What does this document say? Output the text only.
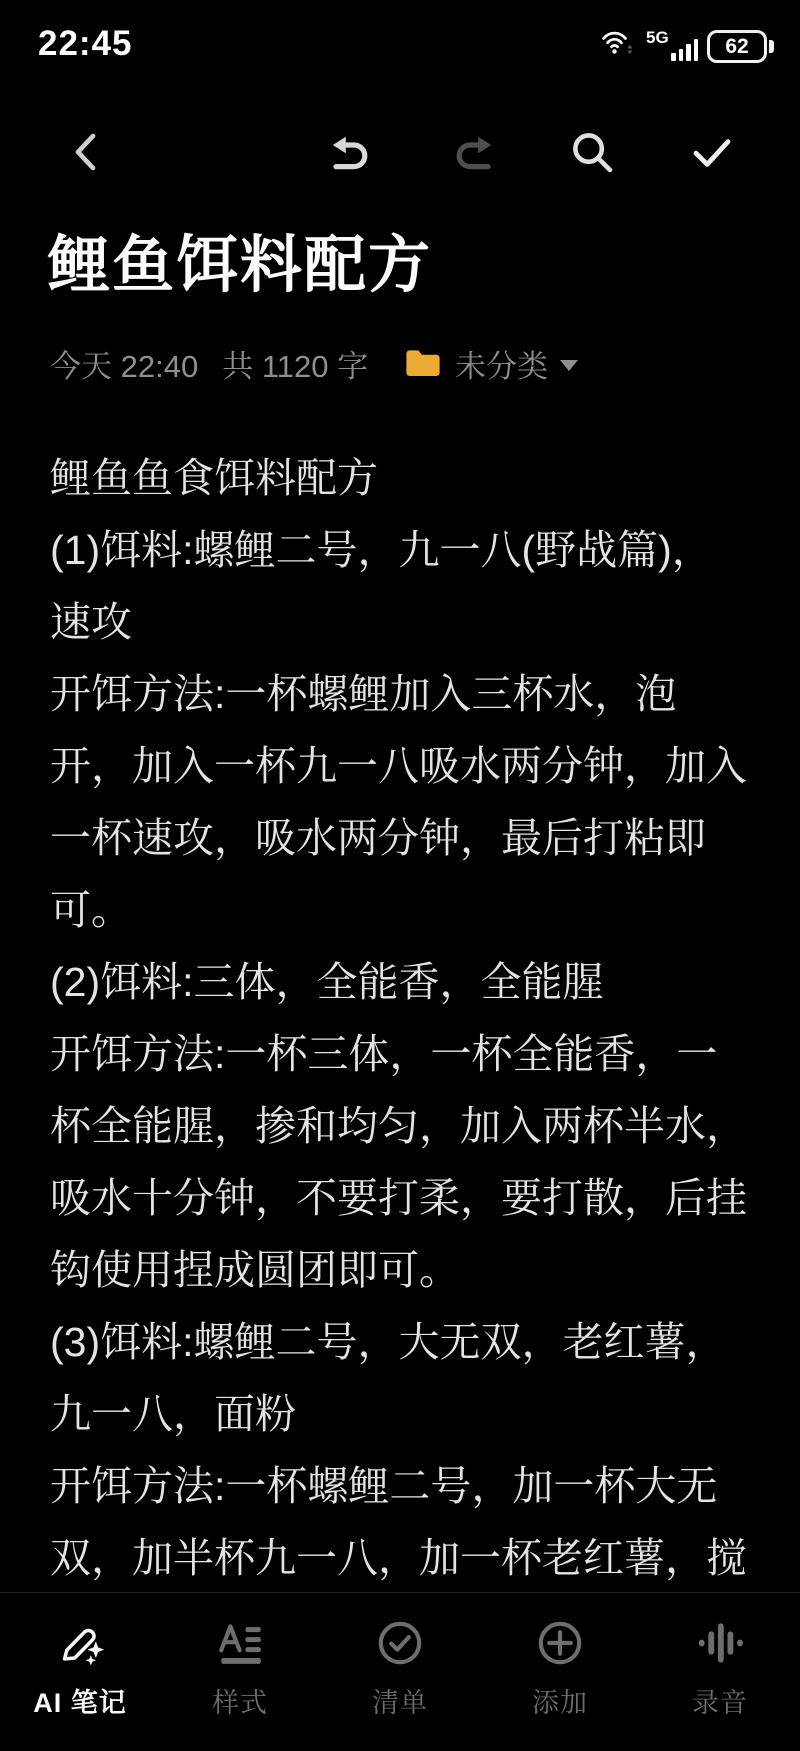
22:45	5G	62
鲤鱼饵料配方
今天 22:40 共 1120 字	未分类
鲤鱼鱼食饵料配方
(1)饵料:螺鲤二号，九一八(野战篇)，
速攻
开饵方法:一杯螺鲤加入三杯水，泡
开，加入一杯九一八吸水两分钟，加入
一杯速攻，吸水两分钟，最后打粘即
可。
(2)饵料:三体，全能香，全能腥
开饵方法:一杯三体，一杯全能香，一
杯全能腥，掺和均匀，加入两杯半水，
吸水十分钟，不要打柔，要打散，后挂
钩使用捏成圆团即可。
(3)饵料:螺鲤二号，大无双，老红薯，
九一八，面粉
开饵方法:一杯螺鲤二号，加一杯大无
双，加半杯九一八，加一杯老红薯，搅
AI 笔记	样式	清单	添加	录音
